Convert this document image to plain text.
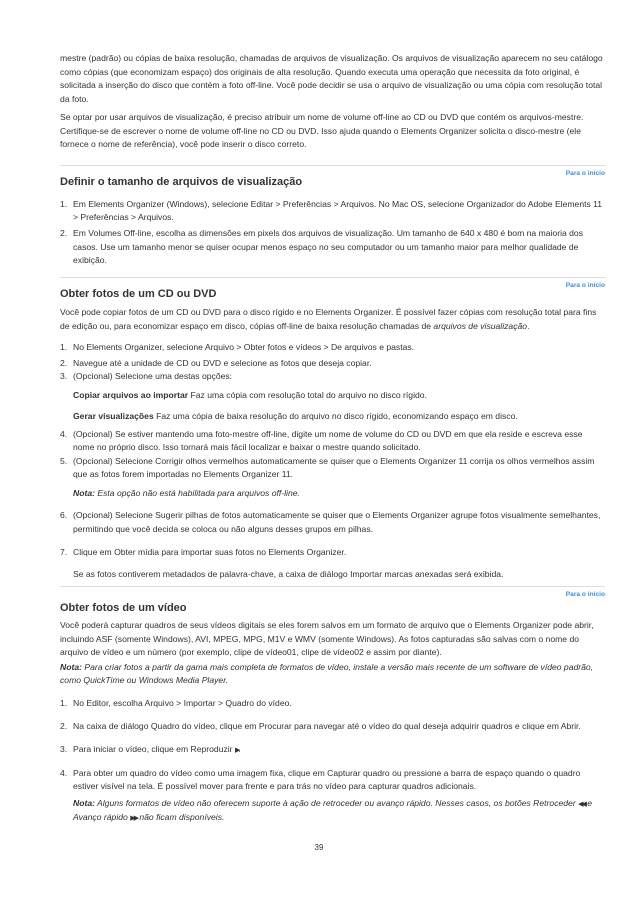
mestre (padrão) ou cópias de baixa resolução, chamadas de arquivos de visualização. Os arquivos de visualização aparecem no seu catálogo como cópias (que economizam espaço) dos originais de alta resolução. Quando executa uma operação que necessita da foto original, é solicitada a inserção do disco que contém a foto off-line. Você pode decidir se usa o arquivo de visualização ou uma cópia com resolução total da foto.

Se optar por usar arquivos de visualização, é preciso atribuir um nome de volume off-line ao CD ou DVD que contém os arquivos-mestre. Certifique-se de escrever o nome de volume off-line no CD ou DVD. Isso ajuda quando o Elements Organizer solicita o disco-mestre (ele fornece o nome de referência), você pode inserir o disco correto.

Para o início
Definir o tamanho de arquivos de visualização
1. Em Elements Organizer (Windows), selecione Editar > Preferências > Arquivos. No Mac OS, selecione Organizador do Adobe Elements 11 > Preferências > Arquivos.
2. Em Volumes Off-line, escolha as dimensões em pixels dos arquivos de visualização. Um tamanho de 640 x 480 é bom na maioria dos casos. Use um tamanho menor se quiser ocupar menos espaço no seu computador ou um tamanho maior para melhor qualidade de exibição.
Para o início
Obter fotos de um CD ou DVD

Você pode copiar fotos de um CD ou DVD para o disco rígido e no Elements Organizer. É possível fazer cópias com resolução total para fins de edição ou, para economizar espaço em disco, cópias off-line de baixa resolução chamadas de arquivos de visualização.

1. No Elements Organizer, selecione Arquivo > Obter fotos e vídeos > De arquivos e pastas.
2. Navegue até a unidade de CD ou DVD e selecione as fotos que deseja copiar.
3. (Opcional) Selecione uma destas opções:
Copiar arquivos ao importar Faz uma cópia com resolução total do arquivo no disco rígido.
Gerar visualizações Faz uma cópia de baixa resolução do arquivo no disco rígido, economizando espaço em disco.
4. (Opcional) Se estiver mantendo uma foto-mestre off-line, digite um nome de volume do CD ou DVD em que ela reside e escreva esse nome no próprio disco. Isso tornará mais fácil localizar e baixar o mestre quando solicitado.
5. (Opcional) Selecione Corrigir olhos vermelhos automaticamente se quiser que o Elements Organizer 11 corrija os olhos vermelhos assim que as fotos forem importadas no Elements Organizer 11.
Nota: Esta opção não está habilitada para arquivos off-line.
6. (Opcional) Selecione Sugerir pilhas de fotos automaticamente se quiser que o Elements Organizer agrupe fotos visualmente semelhantes, permitindo que você decida se coloca ou não alguns desses grupos em pilhas.
7. Clique em Obter mídia para importar suas fotos no Elements Organizer.
Se as fotos contiverem metadados de palavra-chave, a caixa de diálogo Importar marcas anexadas será exibida.
Para o início
Obter fotos de um vídeo

Você poderá capturar quadros de seus vídeos digitais se eles forem salvos em um formato de arquivo que o Elements Organizer pode abrir, incluindo ASF (somente Windows), AVI, MPEG, MPG, M1V e WMV (somente Windows). As fotos capturadas são salvas com o nome do arquivo de vídeo e um número (por exemplo, clipe de vídeo01, clipe de vídeo02 e assim por diante).

Nota: Para criar fotos a partir da gama mais completa de formatos de vídeo, instale a versão mais recente de um software de vídeo padrão, como QuickTime ou Windows Media Player.

1. No Editor, escolha Arquivo > Importar > Quadro do vídeo.
2. Na caixa de diálogo Quadro do vídeo, clique em Procurar para navegar até o vídeo do qual deseja adquirir quadros e clique em Abrir.
3. Para iniciar o vídeo, clique em Reproduzir ▶.
4. Para obter um quadro do vídeo como uma imagem fixa, clique em Capturar quadro ou pressione a barra de espaço quando o quadro estiver visível na tela. É possível mover para frente e para trás no vídeo para capturar quadros adicionais.
Nota: Alguns formatos de vídeo não oferecem suporte à ação de retroceder ou avanço rápido. Nesses casos, os botões Retroceder ◀◀ e Avanço rápido ▶▶ não ficam disponíveis.
39
